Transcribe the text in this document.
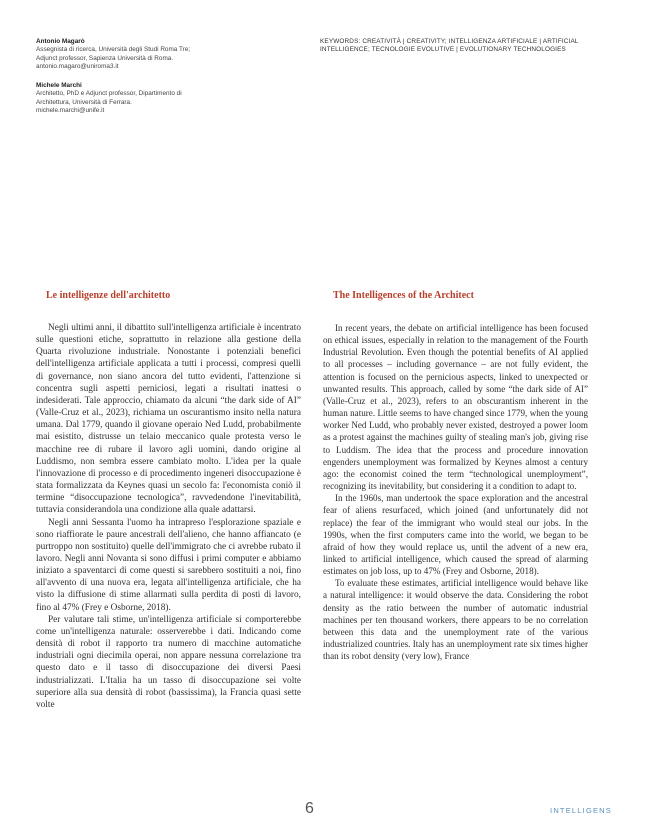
Antonio Magarò
Assegnista di ricerca, Università degli Studi Roma Tre;
Adjunct professor, Sapienza Università di Roma.
antonio.magaro@uniroma3.it
Michele Marchi
Architetto, PhD e Adjunct professor, Dipartimento di
Architettura, Università di Ferrara.
michele.marchi@unife.it
KEYWORDS: CREATIVITÀ | CREATIVITY; INTELLIGENZA ARTIFICIALE | ARTIFICIAL
INTELLIGENCE; TECNOLOGIE EVOLUTIVE | EVOLUTIONARY TECHNOLOGIES
Le intelligenze dell'architetto

Negli ultimi anni, il dibattito sull'intelligenza artificiale è incentrato sulle questioni etiche, soprattutto in relazione alla gestione della Quarta rivoluzione industriale. Nonostante i potenziali benefici dell'intelligenza artificiale applicata a tutti i processi, compresi quelli di governance, non siano ancora del tutto evidenti, l'attenzione si concentra sugli aspetti perniciosi, legati a risultati inattesi o indesiderati. Tale approccio, chiamato da alcuni “the dark side of AI” (Valle-Cruz et al., 2023), richiama un oscurantismo insito nella natura umana. Dal 1779, quando il giovane operaio Ned Ludd, probabilmente mai esistito, distrusse un telaio meccanico quale protesta verso le macchine ree di rubare il lavoro agli uomini, dando origine al Luddismo, non sembra essere cambiato molto. L'idea per la quale l'innovazione di processo e di procedimento ingeneri disoccupazione è stata formalizzata da Keynes quasi un secolo fa: l'economista coniò il termine “disoccupazione tecnologica”, ravvedendone l'inevitabilità, tuttavia considerandola una condizione alla quale adattarsi.

Negli anni Sessanta l'uomo ha intrapreso l'esplorazione spaziale e sono riaffiorate le paure ancestrali dell'alieno, che hanno affiancato (e purtroppo non sostituito) quelle dell'immigrato che ci avrebbe rubato il lavoro. Negli anni Novanta si sono diffusi i primi computer e abbiamo iniziato a spaventarci di come questi si sarebbero sostituiti a noi, fino all'avvento di una nuova era, legata all'intelligenza artificiale, che ha visto la diffusione di stime allarmati sulla perdita di posti di lavoro, fino al 47% (Frey e Osborne, 2018).

Per valutare tali stime, un'intelligenza artificiale si comporterebbe come un'intelligenza naturale: osserverebbe i dati. Indicando come densità di robot il rapporto tra numero di macchine automatiche industriali ogni diecimila operai, non appare nessuna correlazione tra questo dato e il tasso di disoccupazione dei diversi Paesi industrializzati. L'Italia ha un tasso di disoccupazione sei volte superiore alla sua densità di robot (bassissima), la Francia quasi sette volte

The Intelligences of the Architect

In recent years, the debate on artificial intelligence has been focused on ethical issues, especially in relation to the management of the Fourth Industrial Revolution. Even though the potential benefits of AI applied to all processes – including governance – are not fully evident, the attention is focused on the pernicious aspects, linked to unexpected or unwanted results. This approach, called by some “the dark side of AI” (Valle-Cruz et al., 2023), refers to an obscurantism inherent in the human nature. Little seems to have changed since 1779, when the young worker Ned Ludd, who probably never existed, destroyed a power loom as a protest against the machines guilty of stealing man's job, giving rise to Luddism. The idea that the process and procedure innovation engenders unemployment was formalized by Keynes almost a century ago: the economist coined the term “technological unemployment”, recognizing its inevitability, but considering it a condition to adapt to.

In the 1960s, man undertook the space exploration and the ancestral fear of aliens resurfaced, which joined (and unfortunately did not replace) the fear of the immigrant who would steal our jobs. In the 1990s, when the first computers came into the world, we began to be afraid of how they would replace us, until the advent of a new era, linked to artificial intelligence, which caused the spread of alarming estimates on job loss, up to 47% (Frey and Osborne, 2018).

To evaluate these estimates, artificial intelligence would behave like a natural intelligence: it would observe the data. Considering the robot density as the ratio between the number of automatic industrial machines per ten thousand workers, there appears to be no correlation between this data and the unemployment rate of the various industrialized countries. Italy has an unemployment rate six times higher than its robot density (very low), France

6	INTELLIGENS
